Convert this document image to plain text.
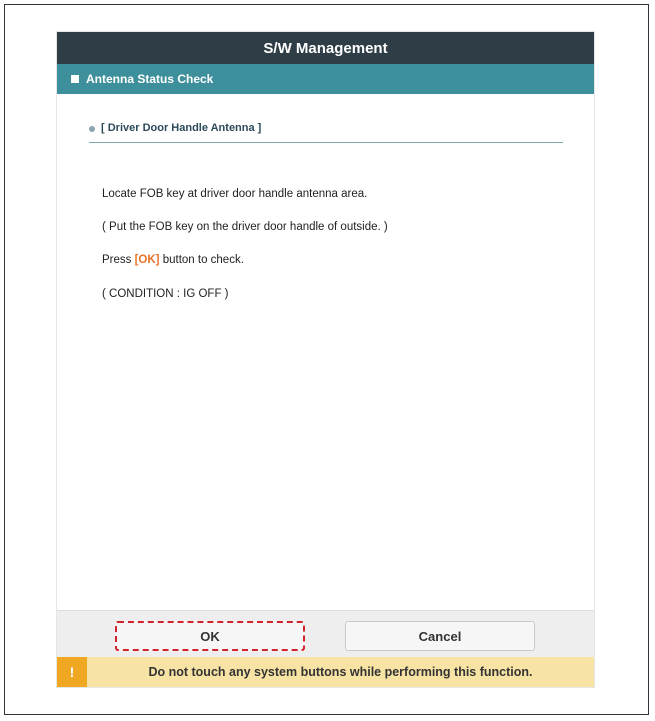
S/W Management
Antenna Status Check
[ Driver Door Handle Antenna ]
Locate FOB key at driver door handle antenna area.
( Put the FOB key on the driver door handle of outside. )
Press [OK] button to check.
( CONDITION : IG OFF )
OK	Cancel
!	Do not touch any system buttons while performing this function.
